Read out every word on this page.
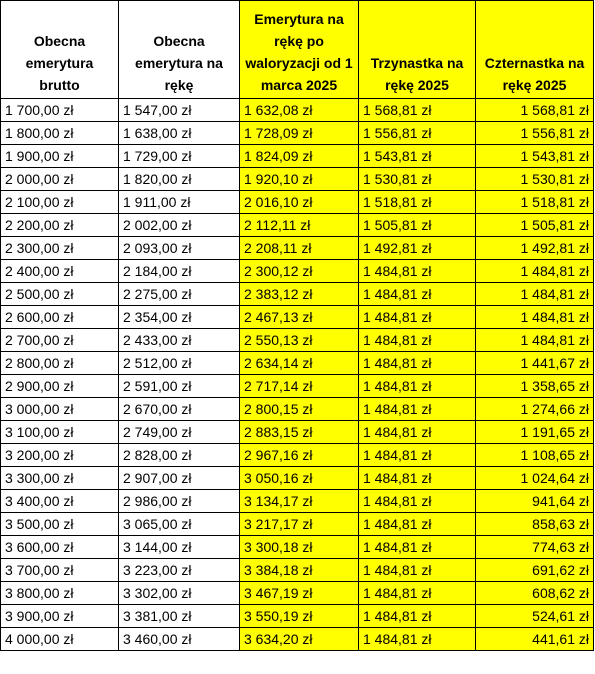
Obecna emerytura brutto	Obecna emerytura na rękę	Emerytura na rękę po waloryzacji od 1 marca 2025	Trzynastka na rękę 2025	Czternastka na rękę 2025
1 700,00 zł	1 547,00 zł	1 632,08 zł	1 568,81 zł	1 568,81 zł
1 800,00 zł	1 638,00 zł	1 728,09 zł	1 556,81 zł	1 556,81 zł
1 900,00 zł	1 729,00 zł	1 824,09 zł	1 543,81 zł	1 543,81 zł
2 000,00 zł	1 820,00 zł	1 920,10 zł	1 530,81 zł	1 530,81 zł
2 100,00 zł	1 911,00 zł	2 016,10 zł	1 518,81 zł	1 518,81 zł
2 200,00 zł	2 002,00 zł	2 112,11 zł	1 505,81 zł	1 505,81 zł
2 300,00 zł	2 093,00 zł	2 208,11 zł	1 492,81 zł	1 492,81 zł
2 400,00 zł	2 184,00 zł	2 300,12 zł	1 484,81 zł	1 484,81 zł
2 500,00 zł	2 275,00 zł	2 383,12 zł	1 484,81 zł	1 484,81 zł
2 600,00 zł	2 354,00 zł	2 467,13 zł	1 484,81 zł	1 484,81 zł
2 700,00 zł	2 433,00 zł	2 550,13 zł	1 484,81 zł	1 484,81 zł
2 800,00 zł	2 512,00 zł	2 634,14 zł	1 484,81 zł	1 441,67 zł
2 900,00 zł	2 591,00 zł	2 717,14 zł	1 484,81 zł	1 358,65 zł
3 000,00 zł	2 670,00 zł	2 800,15 zł	1 484,81 zł	1 274,66 zł
3 100,00 zł	2 749,00 zł	2 883,15 zł	1 484,81 zł	1 191,65 zł
3 200,00 zł	2 828,00 zł	2 967,16 zł	1 484,81 zł	1 108,65 zł
3 300,00 zł	2 907,00 zł	3 050,16 zł	1 484,81 zł	1 024,64 zł
3 400,00 zł	2 986,00 zł	3 134,17 zł	1 484,81 zł	941,64 zł
3 500,00 zł	3 065,00 zł	3 217,17 zł	1 484,81 zł	858,63 zł
3 600,00 zł	3 144,00 zł	3 300,18 zł	1 484,81 zł	774,63 zł
3 700,00 zł	3 223,00 zł	3 384,18 zł	1 484,81 zł	691,62 zł
3 800,00 zł	3 302,00 zł	3 467,19 zł	1 484,81 zł	608,62 zł
3 900,00 zł	3 381,00 zł	3 550,19 zł	1 484,81 zł	524,61 zł
4 000,00 zł	3 460,00 zł	3 634,20 zł	1 484,81 zł	441,61 zł
